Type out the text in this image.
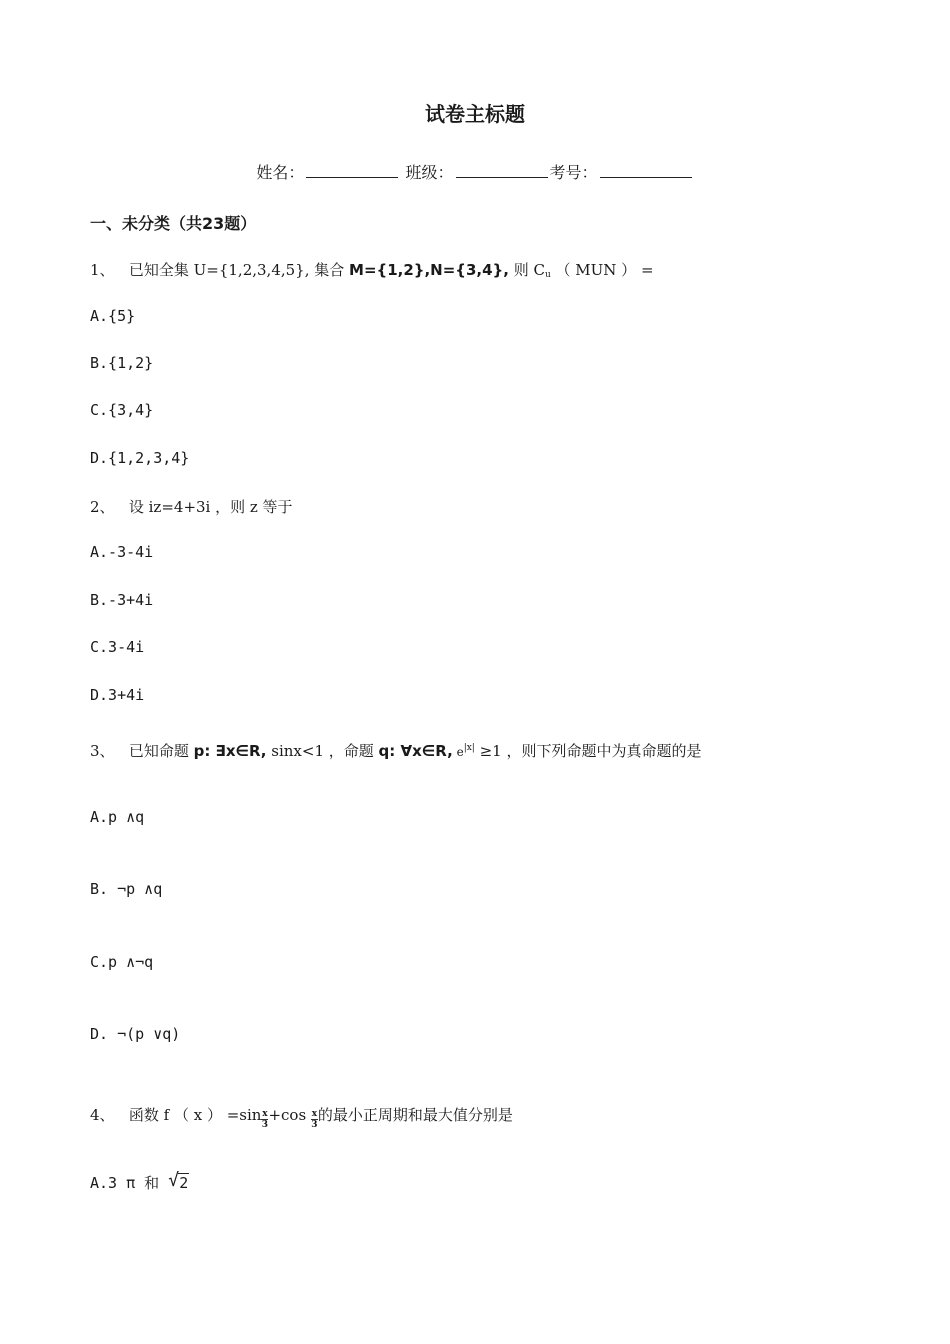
试卷主标题
姓名：	班级：	考号：
一、未分类（共23题）
1、 已知全集 U={1,2,3,4,5}, 集合 M={1,2},N={3,4}, 则 $C_u$ （ MUN ） =
A.{5}
B.{1,2}
C.{3,4}
D.{1,2,3,4}
2、 设 iz=4+3i ，则 z 等于
A.-3-4i
B.-3+4i
C.3-4i
D.3+4i
3、 已知命题 p: ∃x∈R, sinx<1 ，命题 q: ∀x∈R, $e^{|x|} \ge 1$ ，则下列命题中为真命题的是
A.p ∧q
B. ¬p ∧q
C.p ∧¬q
D. ¬(p ∨q)
4、 函数 f （ x ） $=\sin \frac{x}{3} +\cos \frac{x}{3}$ 的最小正周期和最大值分别是
A.3 π 和 √ 2
